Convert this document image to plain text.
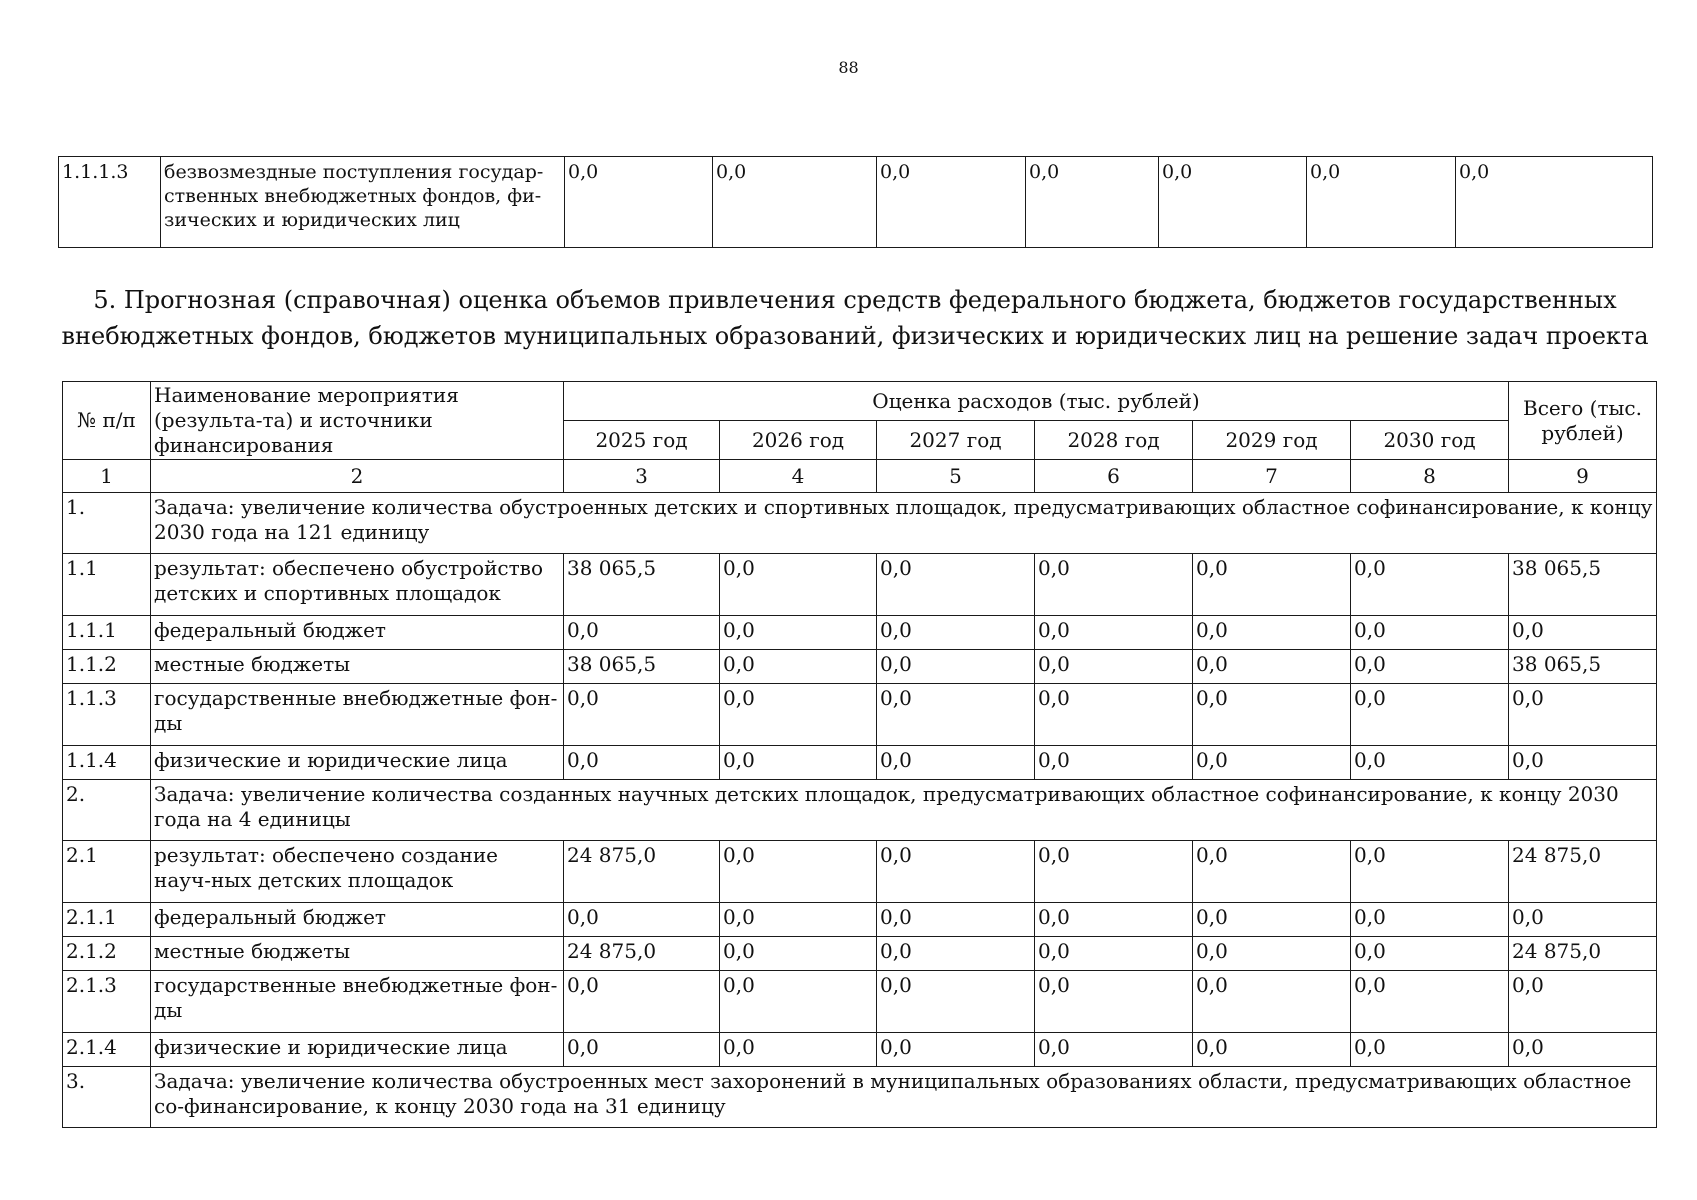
88
1.1.1.3	безвозмездные поступления государ-ственных внебюджетных фондов, фи-зических и юридических лиц	0,0	0,0	0,0	0,0	0,0	0,0	0,0
5. Прогнозная (справочная) оценка объемов привлечения средств федерального бюджета, бюджетов государственных внебюджетных фондов, бюджетов муниципальных образований, физических и юридических лиц на решение задач проекта
№ п/п	Наименование мероприятия (результа-та) и источники финансирования	Оценка расходов (тыс. рублей)						Всего (тыс. рублей)
		2025 год	2026 год	2027 год	2028 год	2029 год	2030 год	
1	2	3	4	5	6	7	8	9
1.	Задача: увеличение количества обустроенных детских и спортивных площадок, предусматривающих областное софинансирование, к концу 2030 года на 121 единицу							
1.1	результат: обеспечено обустройство детских и спортивных площадок	38 065,5	0,0	0,0	0,0	0,0	0,0	38 065,5
1.1.1	федеральный бюджет	0,0	0,0	0,0	0,0	0,0	0,0	0,0
1.1.2	местные бюджеты	38 065,5	0,0	0,0	0,0	0,0	0,0	38 065,5
1.1.3	государственные внебюджетные фон-ды	0,0	0,0	0,0	0,0	0,0	0,0	0,0
1.1.4	физические и юридические лица	0,0	0,0	0,0	0,0	0,0	0,0	0,0
2.	Задача: увеличение количества созданных научных детских площадок, предусматривающих областное софинансирование, к концу 2030 года на 4 единицы							
2.1	результат: обеспечено создание науч-ных детских площадок	24 875,0	0,0	0,0	0,0	0,0	0,0	24 875,0
2.1.1	федеральный бюджет	0,0	0,0	0,0	0,0	0,0	0,0	0,0
2.1.2	местные бюджеты	24 875,0	0,0	0,0	0,0	0,0	0,0	24 875,0
2.1.3	государственные внебюджетные фон-ды	0,0	0,0	0,0	0,0	0,0	0,0	0,0
2.1.4	физические и юридические лица	0,0	0,0	0,0	0,0	0,0	0,0	0,0
3.	Задача: увеличение количества обустроенных мест захоронений в муниципальных образованиях области, предусматривающих областное со-финансирование, к концу 2030 года на 31 единицу							
